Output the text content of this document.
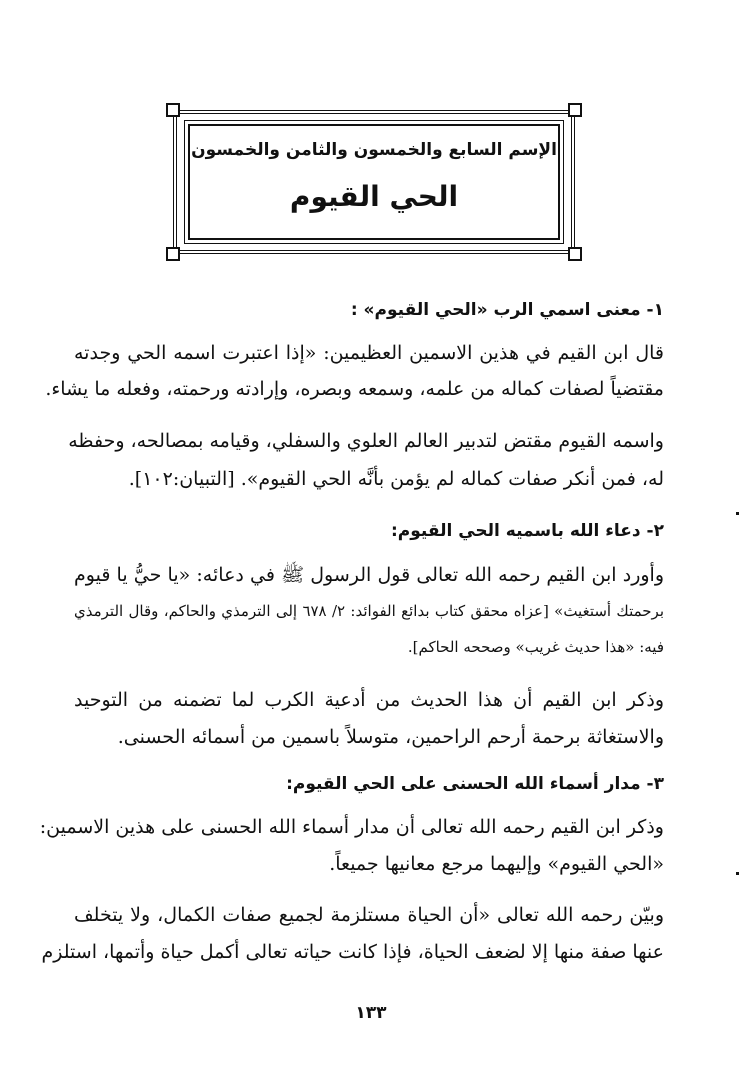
الإسم السابع والخمسون والثامن والخمسون
الحي القيوم
١- معنى اسمي الرب «الحي القيوم» :
قال ابن القيم في هذين الاسمين العظيمين: «إذا اعتبرت اسمه الحي وجدته
مقتضياً لصفات كماله من علمه، وسمعه وبصره، وإرادته ورحمته، وفعله ما يشاء.
واسمه القيوم مقتض لتدبير العالم العلوي والسفلي، وقيامه بمصالحه، وحفظه
له، فمن أنكر صفات كماله لم يؤمن بأنَّه الحي القيوم». [التبيان:١٠٢].
٢- دعاء الله باسميه الحي القيوم:
وأورد ابن القيم رحمه الله تعالى قول الرسول ﷺ في دعائه: «يا حيُّ يا قيوم
برحمتك أستغيث» [عزاه محقق كتاب بدائع الفوائد: ٢/ ٦٧٨ إلى الترمذي والحاكم، وقال الترمذي
فيه: «هذا حديث غريب» وصححه الحاكم].
وذكر ابن القيم أن هذا الحديث من أدعية الكرب لما تضمنه من التوحيد
والاستغاثة برحمة أرحم الراحمين، متوسلاً باسمين من أسمائه الحسنى.
٣- مدار أسماء الله الحسنى على الحي القيوم:
وذكر ابن القيم رحمه الله تعالى أن مدار أسماء الله الحسنى على هذين الاسمين:
«الحي القيوم» وإليهما مرجع معانيها جميعاً.
وبيّن رحمه الله تعالى «أن الحياة مستلزمة لجميع صفات الكمال، ولا يتخلف
عنها صفة منها إلا لضعف الحياة، فإذا كانت حياته تعالى أكمل حياة وأتمها، استلزم
١٣٣
